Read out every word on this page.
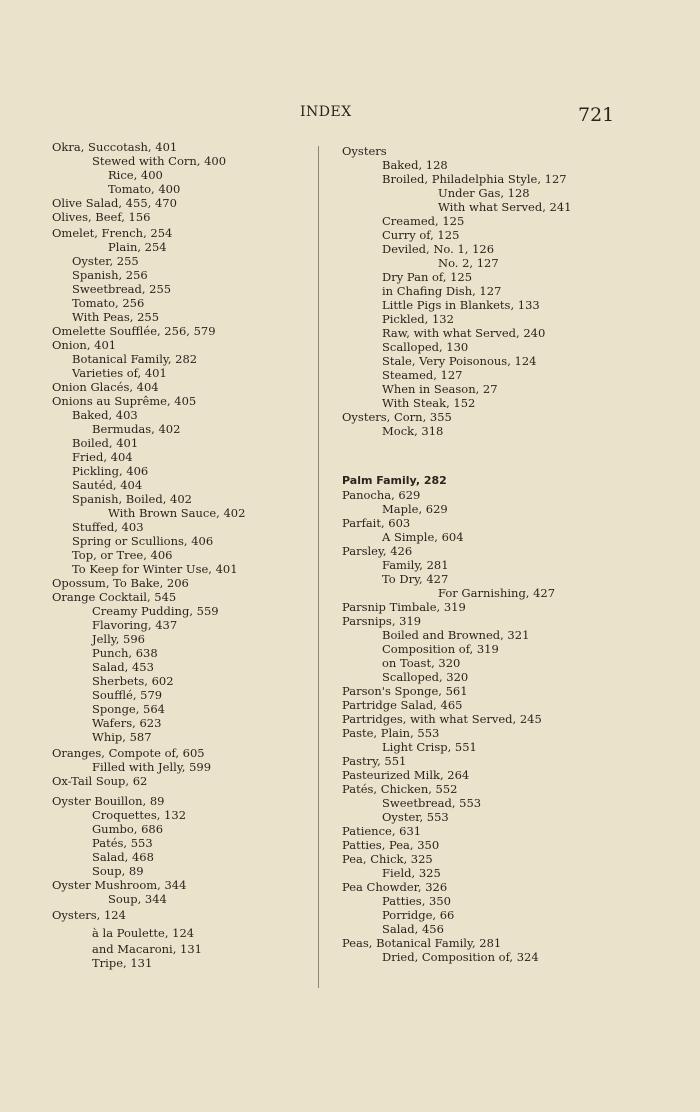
INDEX	721
Okra, Succotash, 401
Stewed with Corn, 400
Rice, 400
Tomato, 400
Olive Salad, 455, 470
Olives, Beef, 156
Omelet, French, 254
Plain, 254
Oyster, 255
Spanish, 256
Sweetbread, 255
Tomato, 256
With Peas, 255
Omelette Soufflée, 256, 579
Onion, 401
Botanical Family, 282
Varieties of, 401
Onion Glacés, 404
Onions au Suprême, 405
Baked, 403
Bermudas, 402
Boiled, 401
Fried, 404
Pickling, 406
Sautéd, 404
Spanish, Boiled, 402
With Brown Sauce, 402
Stuffed, 403
Spring or Scullions, 406
Top, or Tree, 406
To Keep for Winter Use, 401
Opossum, To Bake, 206
Orange Cocktail, 545
Creamy Pudding, 559
Flavoring, 437
Jelly, 596
Punch, 638
Salad, 453
Sherbets, 602
Soufflé, 579
Sponge, 564
Wafers, 623
Whip, 587
Oranges, Compote of, 605
Filled with Jelly, 599
Ox-Tail Soup, 62
Oyster Bouillon, 89
Croquettes, 132
Gumbo, 686
Patés, 553
Salad, 468
Soup, 89
Oyster Mushroom, 344
Soup, 344
Oysters, 124
à la Poulette, 124
and Macaroni, 131
Tripe, 131
Oysters
Baked, 128
Broiled, Philadelphia Style, 127
Under Gas, 128
With what Served, 241
Creamed, 125
Curry of, 125
Deviled, No. 1, 126
No. 2, 127
Dry Pan of, 125
in Chafing Dish, 127
Little Pigs in Blankets, 133
Pickled, 132
Raw, with what Served, 240
Scalloped, 130
Stale, Very Poisonous, 124
Steamed, 127
When in Season, 27
With Steak, 152
Oysters, Corn, 355
Mock, 318
Palm Family, 282
Panocha, 629
Maple, 629
Parfait, 603
A Simple, 604
Parsley, 426
Family, 281
To Dry, 427
For Garnishing, 427
Parsnip Timbale, 319
Parsnips, 319
Boiled and Browned, 321
Composition of, 319
on Toast, 320
Scalloped, 320
Parson's Sponge, 561
Partridge Salad, 465
Partridges, with what Served, 245
Paste, Plain, 553
Light Crisp, 551
Pastry, 551
Pasteurized Milk, 264
Patés, Chicken, 552
Sweetbread, 553
Oyster, 553
Patience, 631
Patties, Pea, 350
Pea, Chick, 325
Field, 325
Pea Chowder, 326
Patties, 350
Porridge, 66
Salad, 456
Peas, Botanical Family, 281
Dried, Composition of, 324
